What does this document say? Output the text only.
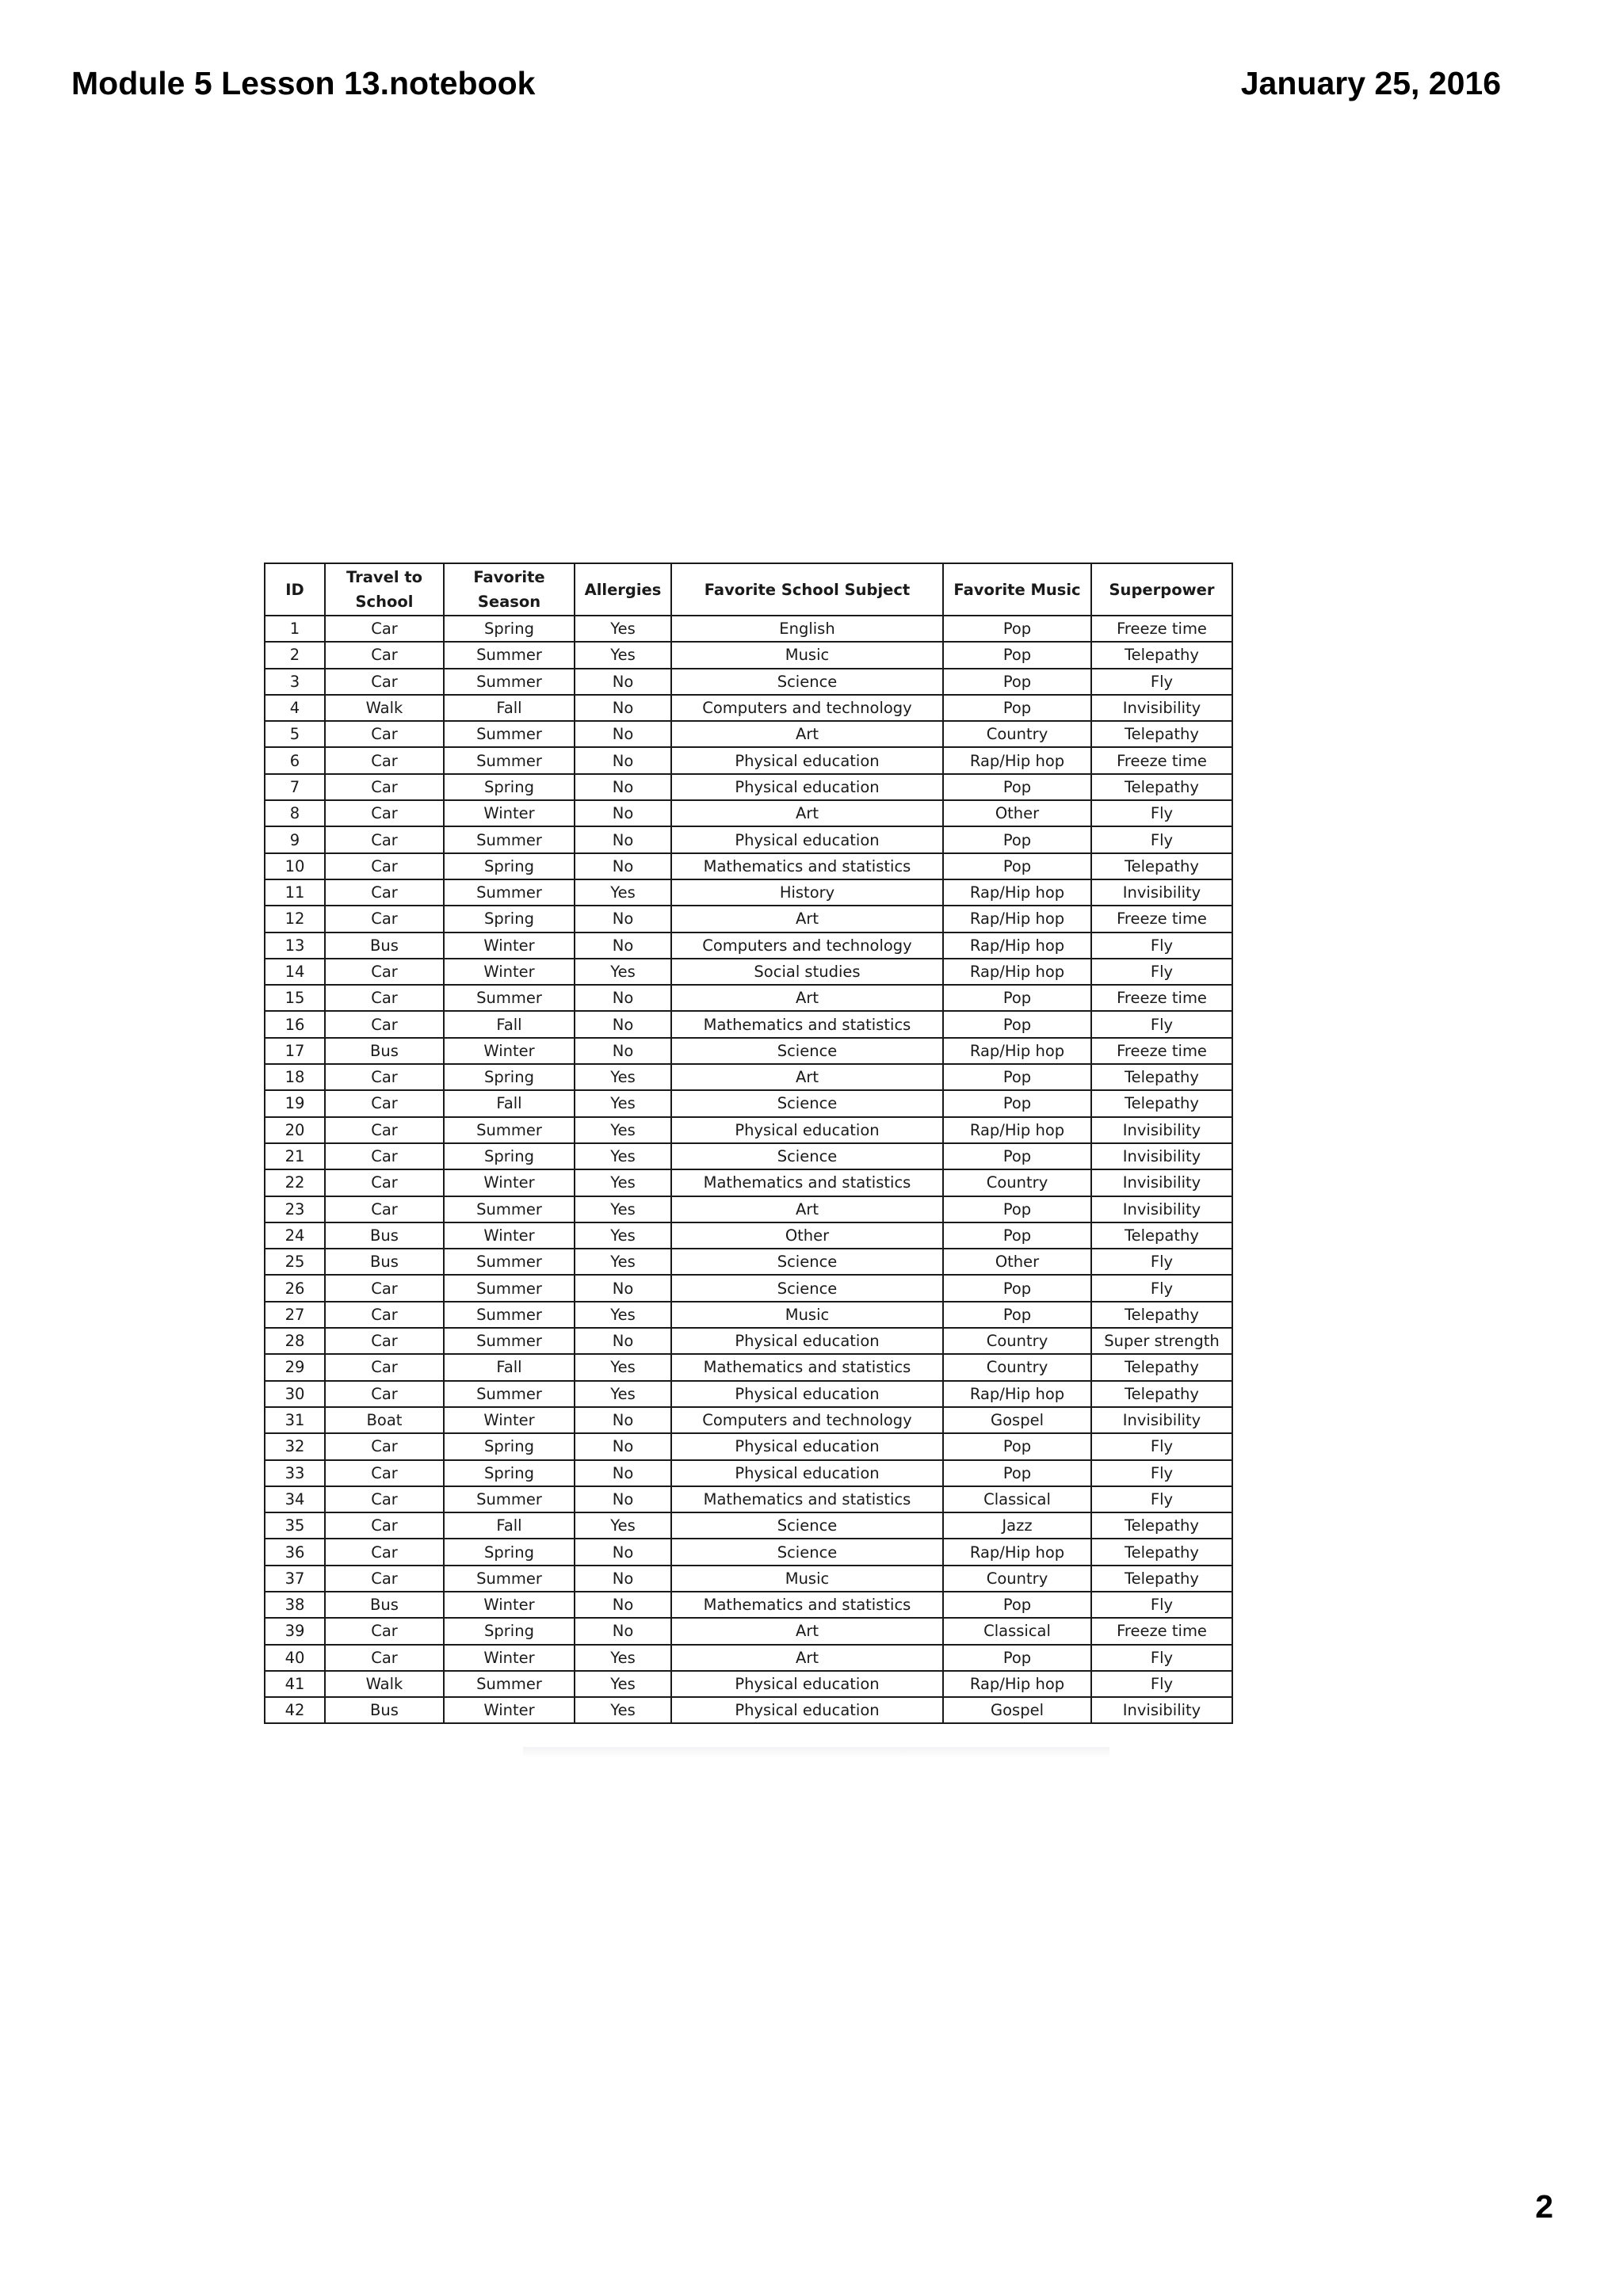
Module 5 Lesson 13.notebook	January 25, 2016
ID	Travel to School	Favorite Season	Allergies	Favorite School Subject	Favorite Music	Superpower
1	Car	Spring	Yes	English	Pop	Freeze time
2	Car	Summer	Yes	Music	Pop	Telepathy
3	Car	Summer	No	Science	Pop	Fly
4	Walk	Fall	No	Computers and technology	Pop	Invisibility
5	Car	Summer	No	Art	Country	Telepathy
6	Car	Summer	No	Physical education	Rap/Hip hop	Freeze time
7	Car	Spring	No	Physical education	Pop	Telepathy
8	Car	Winter	No	Art	Other	Fly
9	Car	Summer	No	Physical education	Pop	Fly
10	Car	Spring	No	Mathematics and statistics	Pop	Telepathy
11	Car	Summer	Yes	History	Rap/Hip hop	Invisibility
12	Car	Spring	No	Art	Rap/Hip hop	Freeze time
13	Bus	Winter	No	Computers and technology	Rap/Hip hop	Fly
14	Car	Winter	Yes	Social studies	Rap/Hip hop	Fly
15	Car	Summer	No	Art	Pop	Freeze time
16	Car	Fall	No	Mathematics and statistics	Pop	Fly
17	Bus	Winter	No	Science	Rap/Hip hop	Freeze time
18	Car	Spring	Yes	Art	Pop	Telepathy
19	Car	Fall	Yes	Science	Pop	Telepathy
20	Car	Summer	Yes	Physical education	Rap/Hip hop	Invisibility
21	Car	Spring	Yes	Science	Pop	Invisibility
22	Car	Winter	Yes	Mathematics and statistics	Country	Invisibility
23	Car	Summer	Yes	Art	Pop	Invisibility
24	Bus	Winter	Yes	Other	Pop	Telepathy
25	Bus	Summer	Yes	Science	Other	Fly
26	Car	Summer	No	Science	Pop	Fly
27	Car	Summer	Yes	Music	Pop	Telepathy
28	Car	Summer	No	Physical education	Country	Super strength
29	Car	Fall	Yes	Mathematics and statistics	Country	Telepathy
30	Car	Summer	Yes	Physical education	Rap/Hip hop	Telepathy
31	Boat	Winter	No	Computers and technology	Gospel	Invisibility
32	Car	Spring	No	Physical education	Pop	Fly
33	Car	Spring	No	Physical education	Pop	Fly
34	Car	Summer	No	Mathematics and statistics	Classical	Fly
35	Car	Fall	Yes	Science	Jazz	Telepathy
36	Car	Spring	No	Science	Rap/Hip hop	Telepathy
37	Car	Summer	No	Music	Country	Telepathy
38	Bus	Winter	No	Mathematics and statistics	Pop	Fly
39	Car	Spring	No	Art	Classical	Freeze time
40	Car	Winter	Yes	Art	Pop	Fly
41	Walk	Summer	Yes	Physical education	Rap/Hip hop	Fly
42	Bus	Winter	Yes	Physical education	Gospel	Invisibility
2
